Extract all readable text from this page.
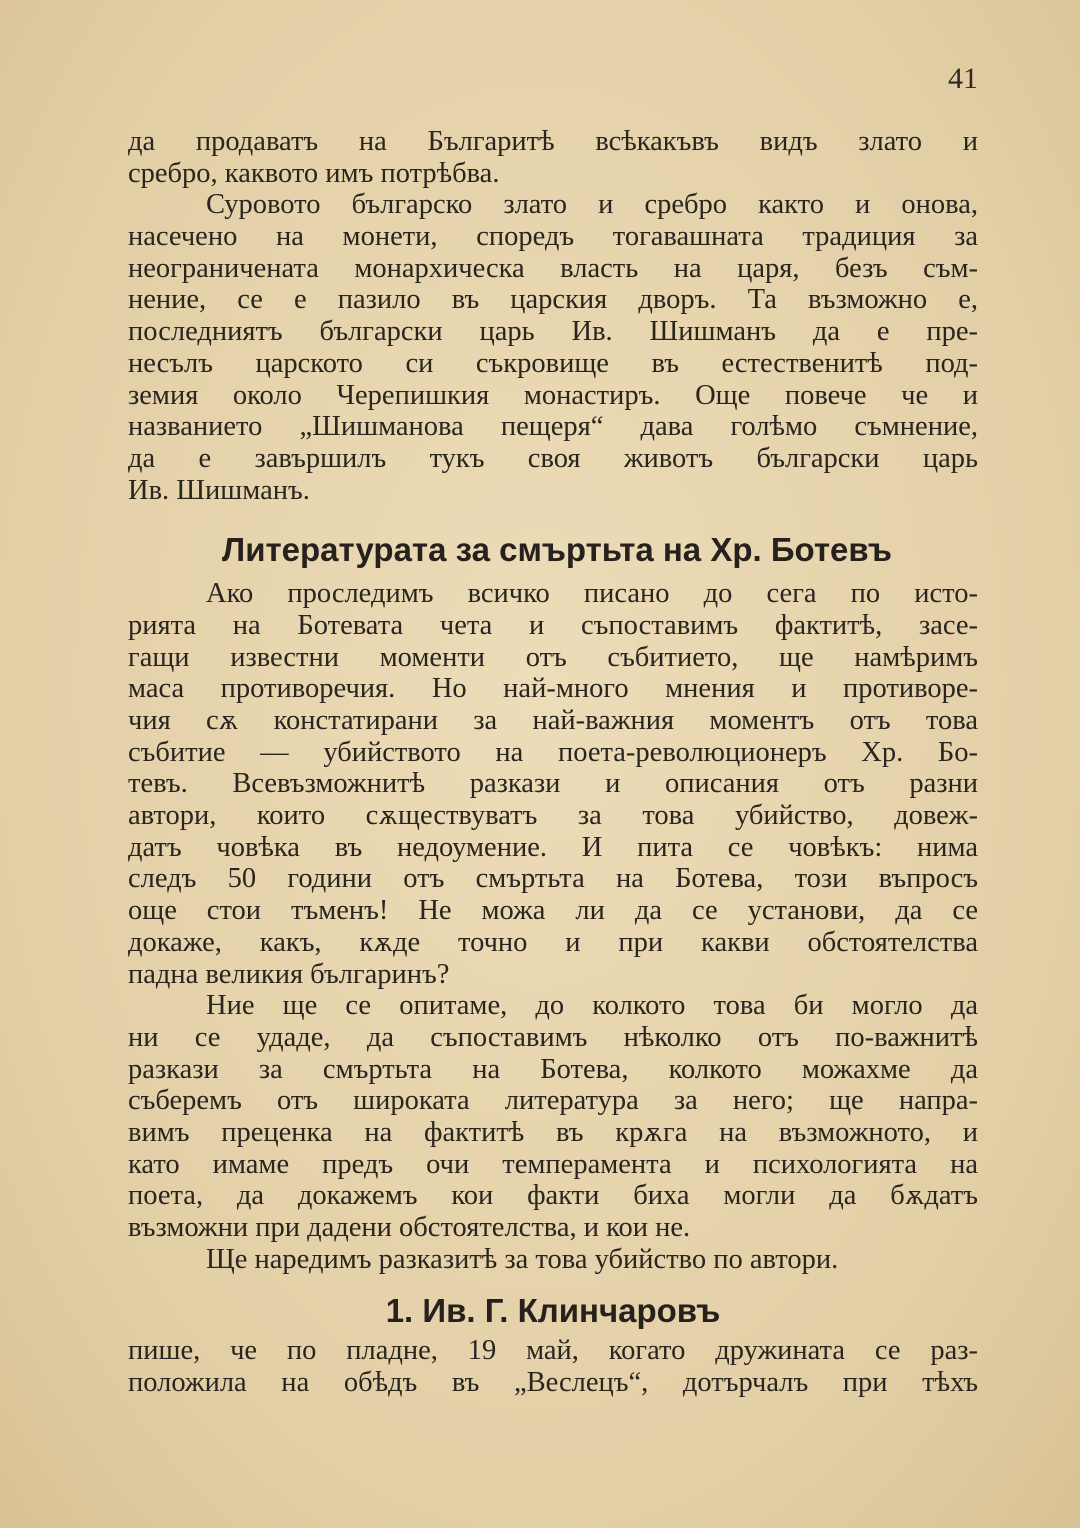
41
да продаватъ на Българитѣ всѣкакъвъ видъ злато и
сребро, каквото имъ потрѣбва.
Суровото българско злато и сребро както и онова,
насечено на монети, споредъ тогавашната традиция за
неограничената монархическа власть на царя, безъ съм-
нение, се е пазило въ царския дворъ. Та възможно е,
последниятъ български царь Ив. Шишманъ да е пре-
несълъ царското си съкровище въ естественитѣ под-
земия около Черепишкия монастиръ. Още повече че и
названието „Шишманова пещеря“ дава голѣмо съмнение,
да е завършилъ тукъ своя животъ български царь
Ив. Шишманъ.
Литературата за смъртьта на Хр. Ботевъ
Ако проследимъ всичко писано до сега по исто-
рията на Ботевата чета и съпоставимъ фактитѣ, засе-
гащи известни моменти отъ събитието, ще намѣримъ
маса противоречия. Но най-много мнения и противоре-
чия сѫ констатирани за най-важния моментъ отъ това
събитие — убийството на поета-революционеръ Хр. Бо-
тевъ. Всевъзможнитѣ разкази и описания отъ разни
автори, които сѫществуватъ за това убийство, довеж-
датъ човѣка въ недоумение. И пита се човѣкъ: нима
следъ 50 години отъ смъртьта на Ботева, този въпросъ
още стои тъменъ! Не можа ли да се установи, да се
докаже, какъ, кѫде точно и при какви обстоятелства
падна великия българинъ?
Ние ще се опитаме, до колкото това би могло да
ни се удаде, да съпоставимъ нѣколко отъ по-важнитѣ
разкази за смъртьта на Ботева, колкото можахме да
съберемъ отъ широката литература за него; ще напра-
вимъ преценка на фактитѣ въ крѫга на възможното, и
като имаме предъ очи темперамента и психологията на
поета, да докажемъ кои факти биха могли да бѫдатъ
възможни при дадени обстоятелства, и кои не.
Ще наредимъ разказитѣ за това убийство по автори.
1. Ив. Г. Клинчаровъ
пише, че по пладне, 19 май, когато дружината се раз-
положила на обѣдъ въ „Веслецъ“, дотърчалъ при тѣхъ
